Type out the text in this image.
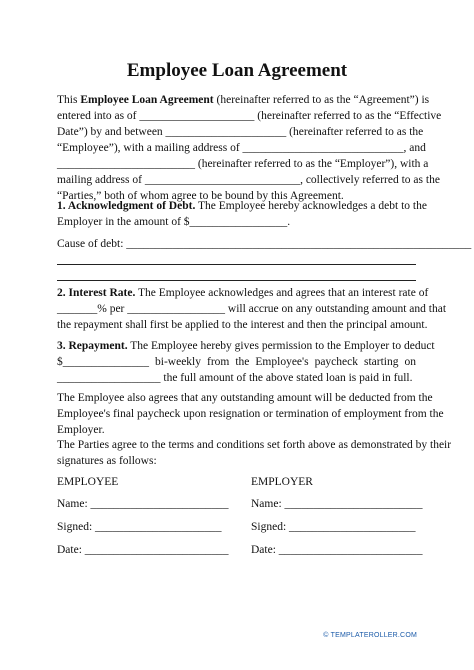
Employee Loan Agreement
This Employee Loan Agreement (hereinafter referred to as the “Agreement”) is
entered into as of ____________________ (hereinafter referred to as the “Effective
Date”) by and between _____________________ (hereinafter referred to as the
“Employee”), with a mailing address of ____________________________, and
________________________ (hereinafter referred to as the “Employer”), with a
mailing address of ___________________________, collectively referred to as the
“Parties,” both of whom agree to be bound by this Agreement.
1. Acknowledgment of Debt. The Employee hereby acknowledges a debt to the
Employer in the amount of $_________________.
Cause of debt: ____________________________________________________________
2. Interest Rate. The Employee acknowledges and agrees that an interest rate of
_______% per _________________ will accrue on any outstanding amount and that
the repayment shall first be applied to the interest and then the principal amount.
3. Repayment. The Employee hereby gives permission to the Employer to deduct
$_______________ bi-weekly from the Employee's paycheck starting on
__________________ the full amount of the above stated loan is paid in full.
The Employee also agrees that any outstanding amount will be deducted from the
Employee's final paycheck upon resignation or termination of employment from the
Employer.
The Parties agree to the terms and conditions set forth above as demonstrated by their
signatures as follows:
EMPLOYEE	EMPLOYER
Name: ________________________ Name: ________________________
Signed: ______________________	Signed: ______________________
Date: _________________________ Date: _________________________
© TEMPLATEROLLER.COM
